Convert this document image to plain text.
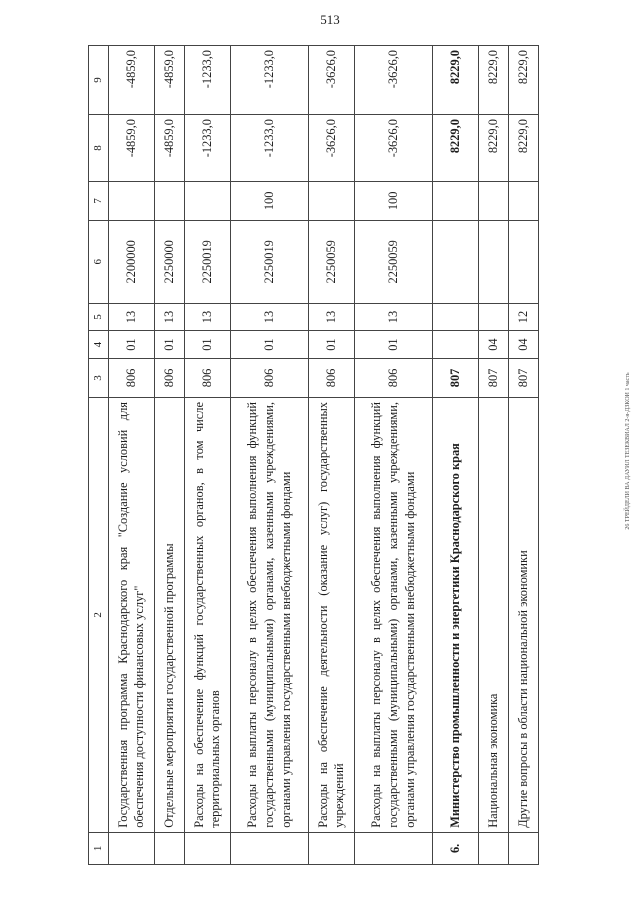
513
26 ТРЕЙДЕЛИ ВА ДАУИЛ ТЕЗЕКВИАЛ 2-я-ДЗКОИ 1 часть
1	2	3	4	5	6	7	8	9
	Государственная программа Краснодарского края "Создание условий для обеспечения доступности финансовых услуг"	806	01	13	2200000		-4859,0	-4859,0
	Отдельные мероприятия государственной программы	806	01	13	2250000		-4859,0	-4859,0
	Расходы на обеспечение функций государственных органов, в том числе территориальных органов	806	01	13	2250019		-1233,0	-1233,0
	Расходы на выплаты персоналу в целях обеспечения выполнения функций государственными (муниципальными) органами, казенными учреждениями, органами управления государственными внебюджетными фондами	806	01	13	2250019	100	-1233,0	-1233,0
	Расходы на обеспечение деятельности (оказание услуг) государственных учреждений	806	01	13	2250059		-3626,0	-3626,0
	Расходы на выплаты персоналу в целях обеспечения выполнения функций государственными (муниципальными) органами, казенными учреждениями, органами управления государственными внебюджетными фондами	806	01	13	2250059	100	-3626,0	-3626,0
6.	Министерство промышленности и энергетики Краснодарского края	807					8229,0	8229,0
	Национальная экономика	807	04				8229,0	8229,0
	Другие вопросы в области национальной экономики	807	04	12			8229,0	8229,0
